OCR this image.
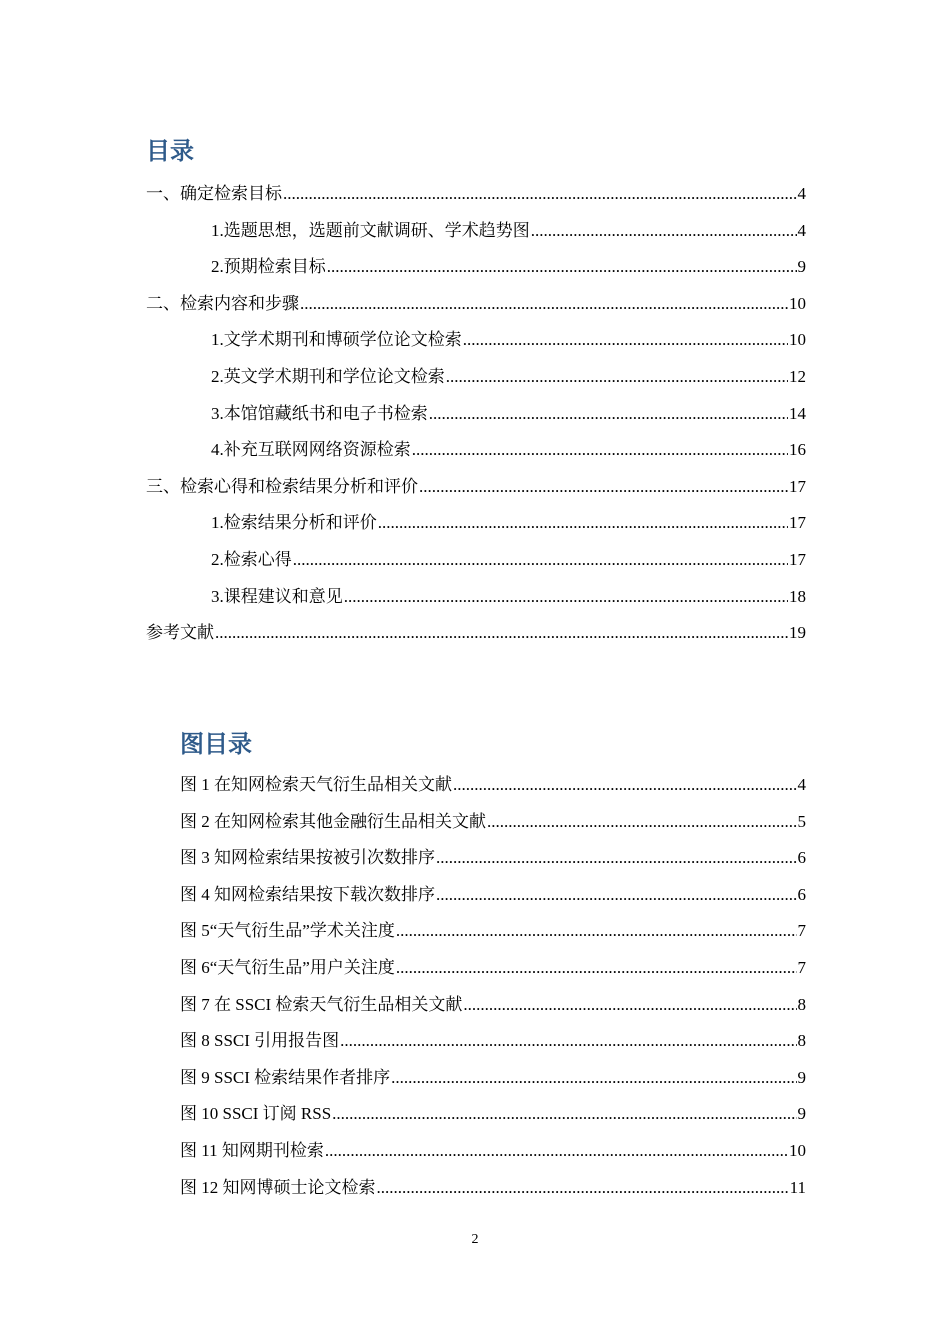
目录
一、确定检索目标 .....	4
1.选题思想，选题前文献调研、学术趋势图 .....	4
2.预期检索目标 .....	9
二、检索内容和步骤 .....	10
1.文学术期刊和博硕学位论文检索 .....	10
2.英文学术期刊和学位论文检索 .....	12
3.本馆馆藏纸书和电子书检索 .....	14
4.补充互联网网络资源检索 .....	16
三、检索心得和检索结果分析和评价 .....	17
1.检索结果分析和评价 .....	17
2.检索心得 .....	17
3.课程建议和意见 .....	18
参考文献 .....	19
图目录
图 1 在知网检索天气衍生品相关文献 .....	4
图 2 在知网检索其他金融衍生品相关文献 .....	5
图 3 知网检索结果按被引次数排序 .....	6
图 4 知网检索结果按下载次数排序 .....	6
图 5“天气衍生品”学术关注度 .....	7
图 6“天气衍生品”用户关注度 .....	7
图 7 在 SSCI 检索天气衍生品相关文献 .....	8
图 8 SSCI 引用报告图 .....	8
图 9 SSCI 检索结果作者排序 .....	9
图 10 SSCI 订阅 RSS .....	9
图 11 知网期刊检索 .....	10
图 12 知网博硕士论文检索 .....	11
2
